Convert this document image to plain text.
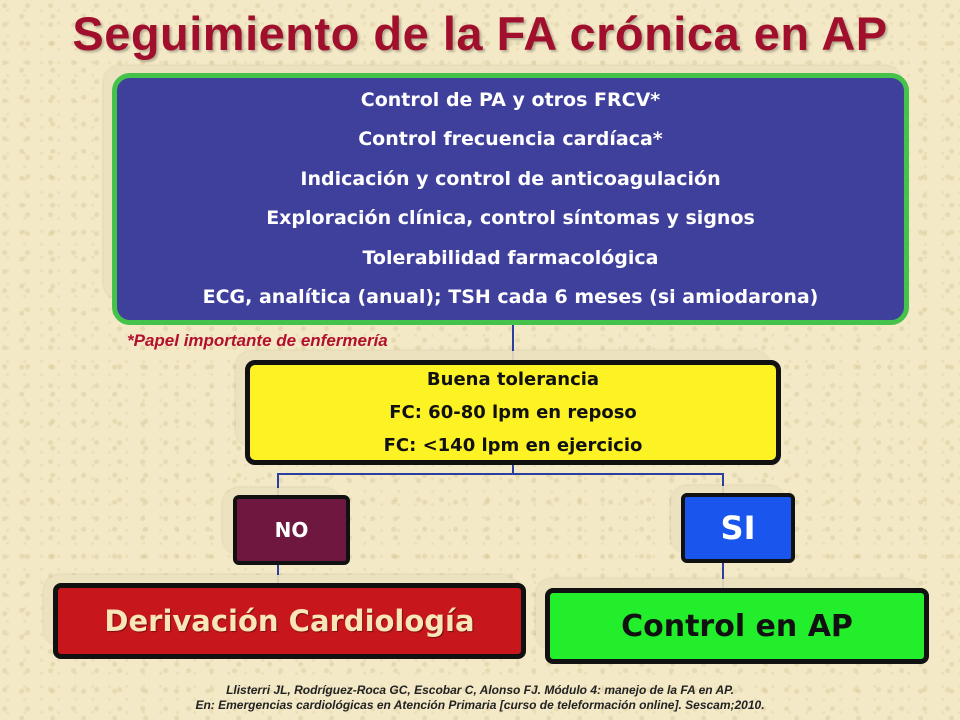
Seguimiento de la FA crónica en AP
Control de PA y otros FRCV*
Control frecuencia cardíaca*
Indicación y control de anticoagulación
Exploración clínica, control síntomas y signos
Tolerabilidad farmacológica
ECG, analítica (anual); TSH cada 6 meses (si amiodarona)
*Papel importante de enfermería
Buena tolerancia
FC: 60-80 lpm en reposo
FC: <140 lpm en ejercicio
NO	SI
Derivación Cardiología	Control en AP
Llisterri JL, Rodríguez-Roca GC, Escobar C, Alonso FJ. Módulo 4: manejo de la FA en AP.
En: Emergencias cardiológicas en Atención Primaria [curso de teleformación online]. Sescam;2010.
